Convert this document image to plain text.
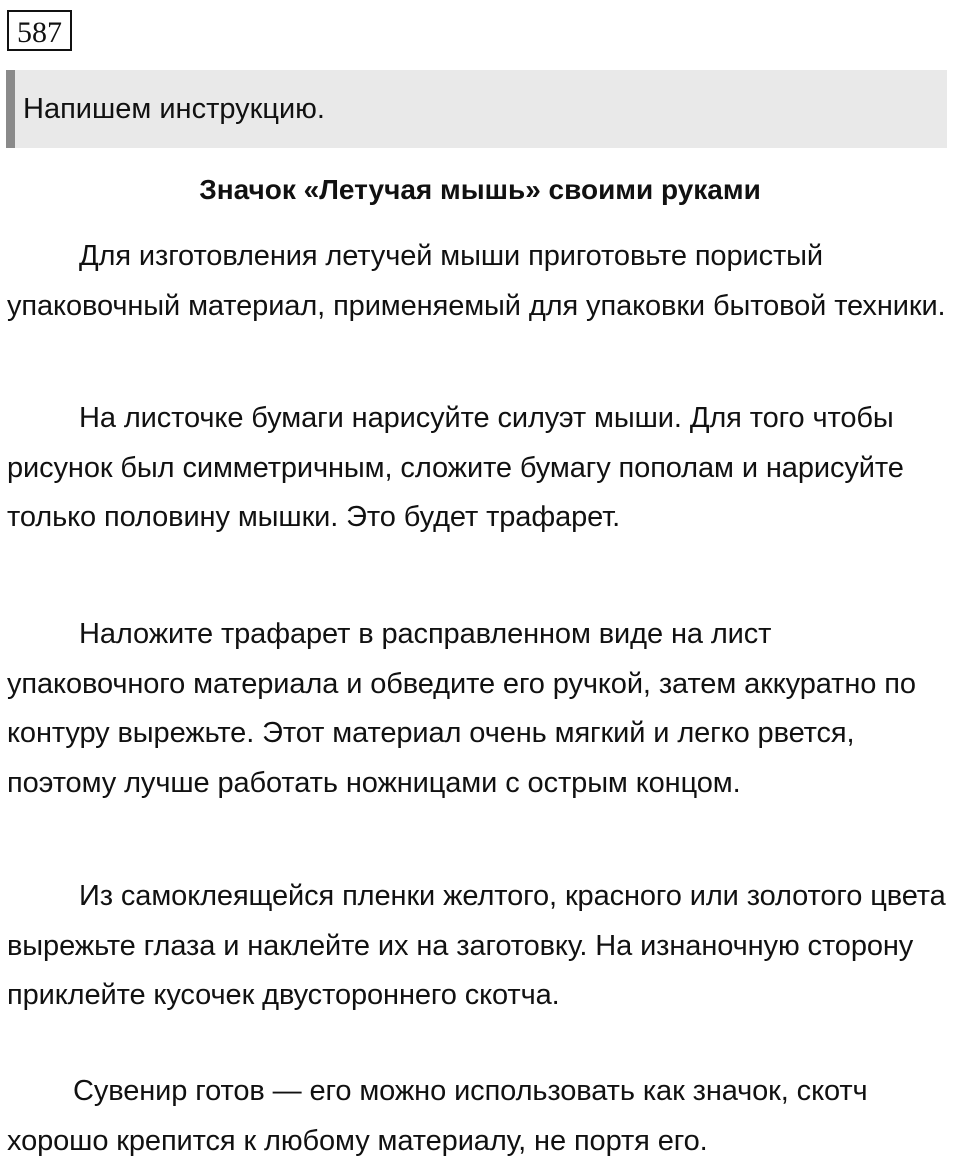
587
Напишем инструкцию.
Значок «Летучая мышь» своими руками

Для изготовления летучей мыши приготовьте пористый упаковочный материал, применяемый для упаковки бытовой техники.

На листочке бумаги нарисуйте силуэт мыши. Для того чтобы рисунок был симметричным, сложите бумагу пополам и нарисуйте только половину мышки. Это будет трафарет.

Наложите трафарет в расправленном виде на лист упаковочного материала и обведите его ручкой, затем аккуратно по контуру вырежьте. Этот материал очень мягкий и легко рвется, поэтому лучше работать ножницами с острым концом.

Из самоклеящейся пленки желтого, красного или золотого цвета вырежьте глаза и наклейте их на заготовку. На изнаночную сторону приклейте кусочек двустороннего скотча.

Сувенир готов — его можно использовать как значок, скотч хорошо крепится к любому материалу, не портя его.
